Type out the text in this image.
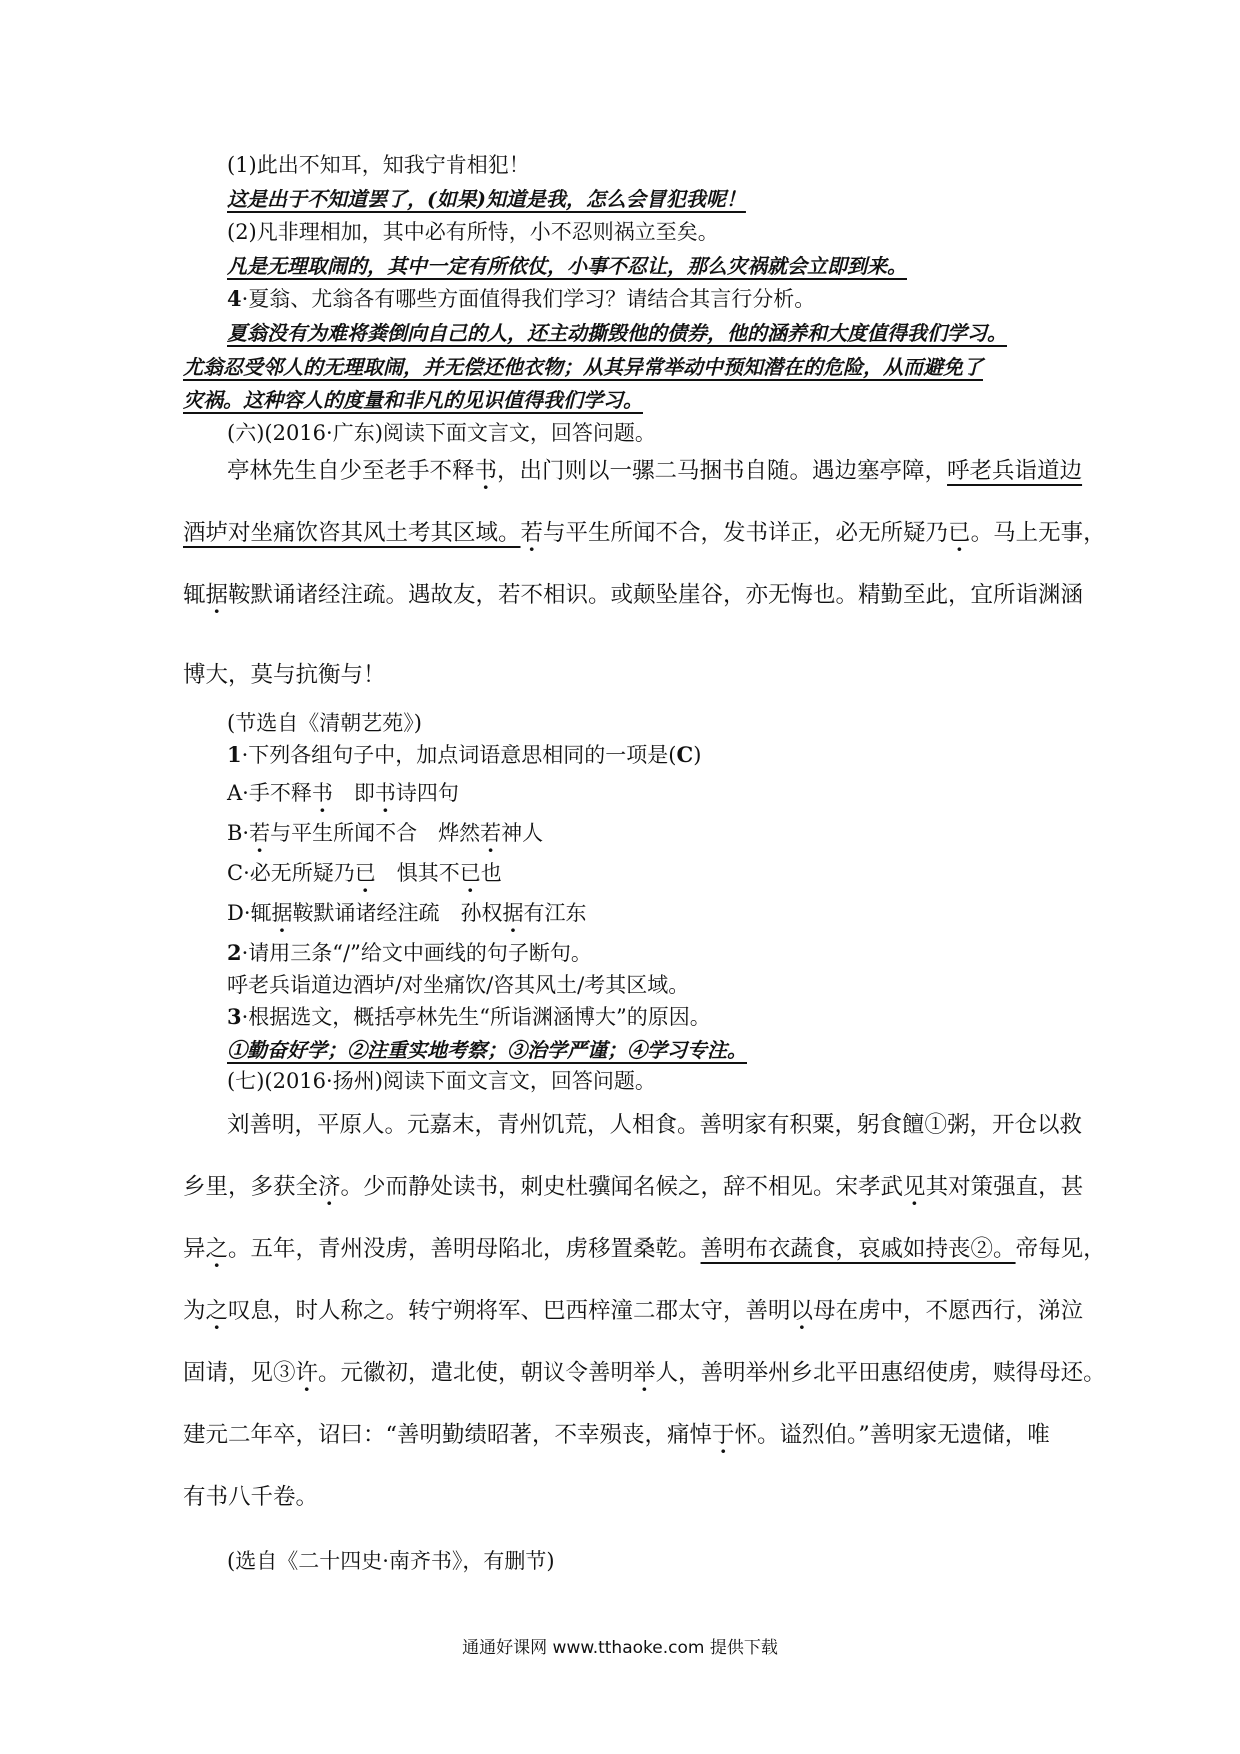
(1)此出不知耳，知我宁肯相犯！
这是出于不知道罢了，(如果)知道是我，怎么会冒犯我呢！
(2)凡非理相加，其中必有所恃，小不忍则祸立至矣。
凡是无理取闹的，其中一定有所依仗，小事不忍让，那么灾祸就会立即到来。
4·夏翁、尤翁各有哪些方面值得我们学习？请结合其言行分析。
夏翁没有为难将粪倒向自己的人，还主动撕毁他的债券，他的涵养和大度值得我们学习。
尤翁忍受邻人的无理取闹，并无偿还他衣物；从其异常举动中预知潜在的危险，从而避免了
灾祸。这种容人的度量和非凡的见识值得我们学习。
(六)(2016·广东)阅读下面文言文，回答问题。
亭林先生自少至老手不释书，出门则以一骡二马捆书自随。遇边塞亭障，呼老兵诣道边
酒垆对坐痛饮咨其风土考其区域。若与平生所闻不合，发书详正，必无所疑乃已。马上无事，
辄据鞍默诵诸经注疏。遇故友，若不相识。或颠坠崖谷，亦无悔也。精勤至此，宜所诣渊涵
博大，莫与抗衡与！
(节选自《清朝艺苑》)
1·下列各组句子中，加点词语意思相同的一项是(C)
A·手不释书　即书诗四句
B·若与平生所闻不合　烨然若神人
C·必无所疑乃已　惧其不已也
D·辄据鞍默诵诸经注疏　孙权据有江东
2·请用三条“/”给文中画线的句子断句。
呼老兵诣道边酒垆/对坐痛饮/咨其风土/考其区域。
3·根据选文，概括亭林先生“所诣渊涵博大”的原因。
①勤奋好学；②注重实地考察；③治学严谨；④学习专注。
(七)(2016·扬州)阅读下面文言文，回答问题。
刘善明，平原人。元嘉末，青州饥荒，人相食。善明家有积粟，躬食饘①粥，开仓以救
乡里，多获全济。少而静处读书，刺史杜骥闻名候之，辞不相见。宋孝武见其对策强直，甚
异之。五年，青州没虏，善明母陷北，虏移置桑乾。善明布衣蔬食，哀戚如持丧②。帝每见，
为之叹息，时人称之。转宁朔将军、巴西梓潼二郡太守，善明以母在虏中，不愿西行，涕泣
固请，见③许。元徽初，遣北使，朝议令善明举人，善明举州乡北平田惠绍使虏，赎得母还。
建元二年卒，诏曰：“善明勤绩昭著，不幸殒丧，痛悼于怀。谥烈伯。”善明家无遗储，唯
有书八千卷。
(选自《二十四史·南齐书》，有删节)
通通好课网 www.tthaoke.com 提供下载
